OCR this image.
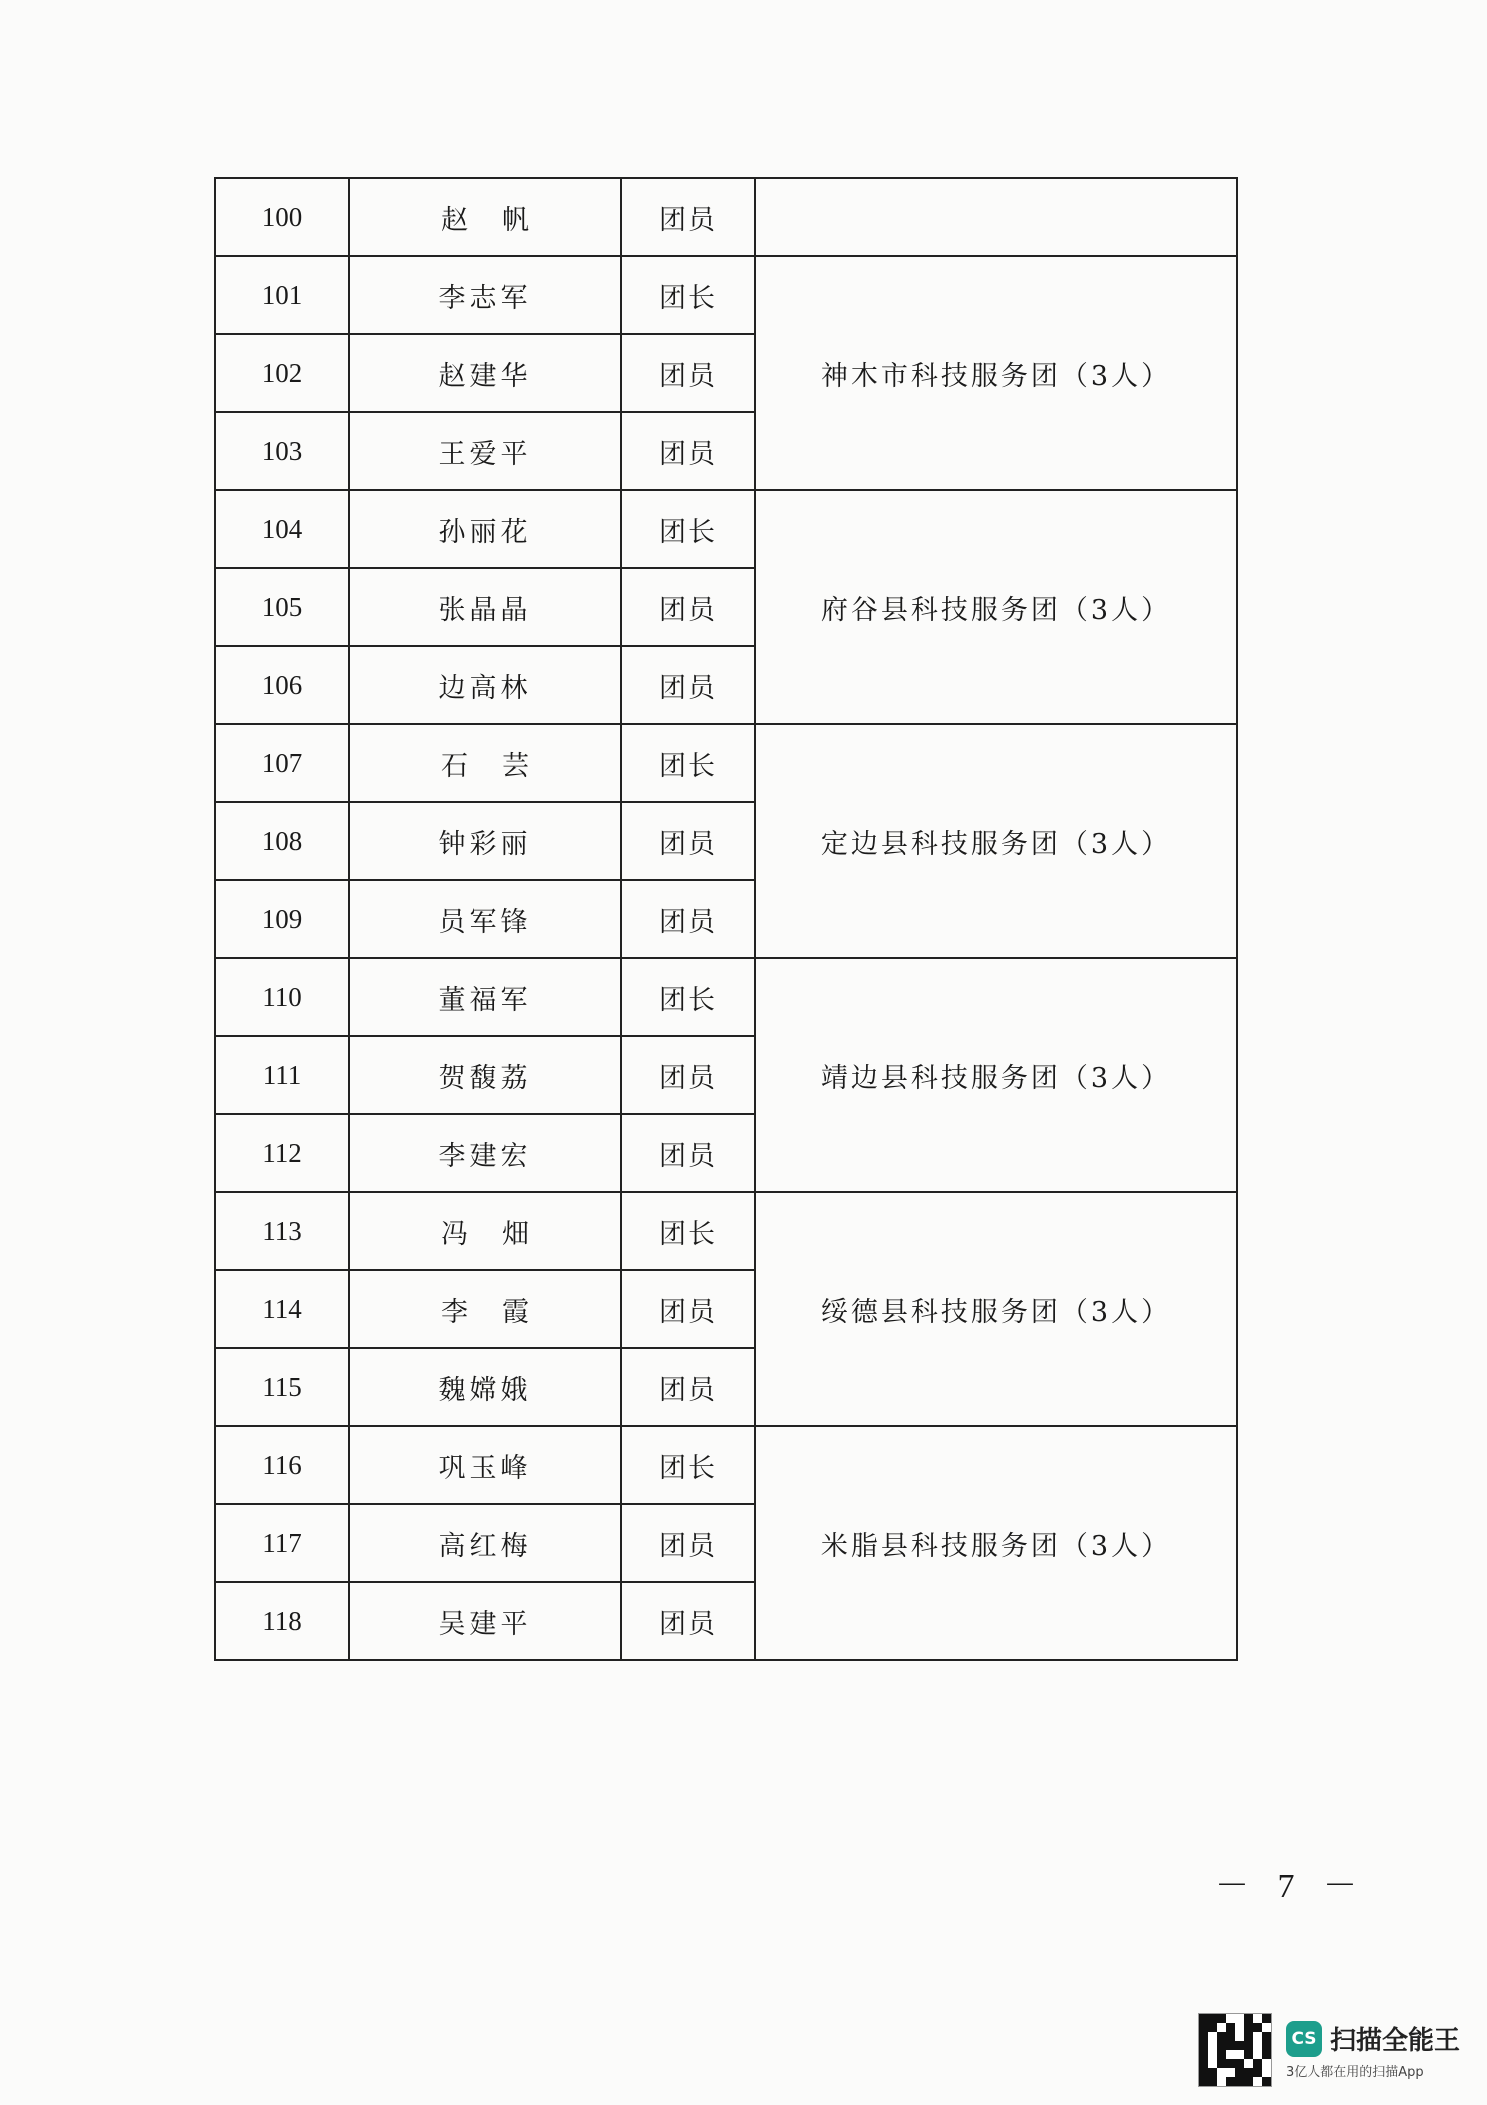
100	赵帆	团员	
101	李志军	团长	神木市科技服务团（3人）
102	赵建华	团员	
103	王爱平	团员	
104	孙丽花	团长	府谷县科技服务团（3人）
105	张晶晶	团员	
106	边高林	团员	
107	石芸	团长	定边县科技服务团（3人）
108	钟彩丽	团员	
109	员军锋	团员	
110	董福军	团长	靖边县科技服务团（3人）
111	贺馥荔	团员	
112	李建宏	团员	
113	冯畑	团长	绥德县科技服务团（3人）
114	李霞	团员	
115	魏嫦娥	团员	
116	巩玉峰	团长	米脂县科技服务团（3人）
117	高红梅	团员	
118	吴建平	团员	
－ 7 －
CS 扫描全能王
3亿人都在用的扫描App
